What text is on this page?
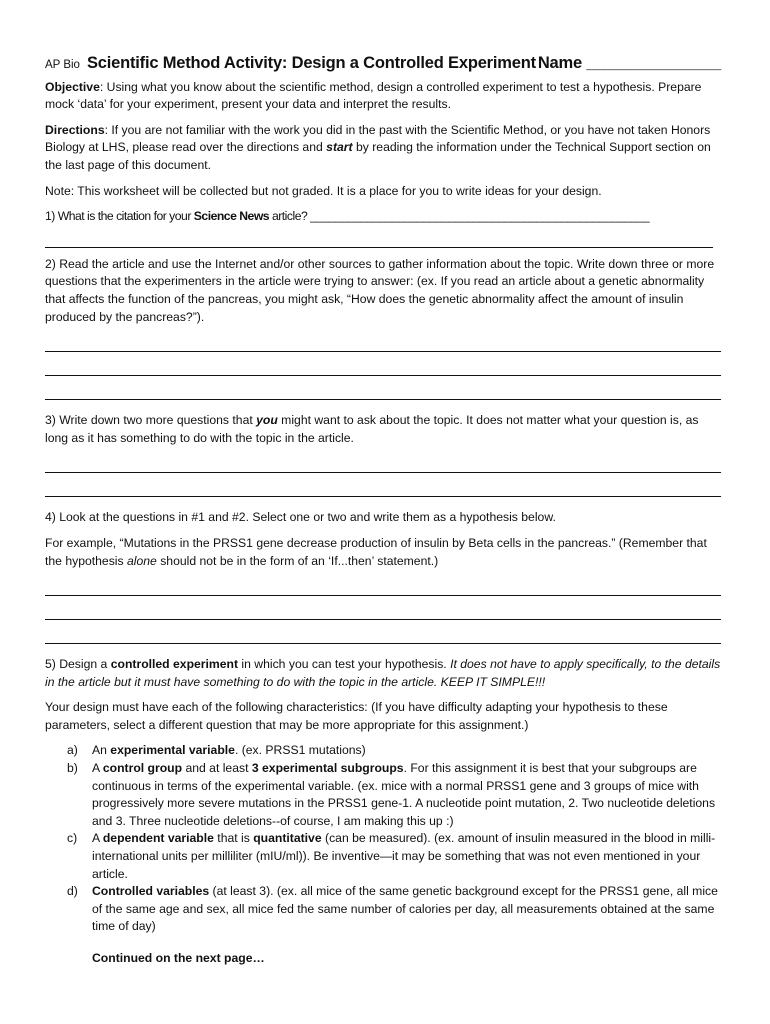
AP Bio Scientific Method Activity: Design a Controlled Experiment Name _______________

Objective: Using what you know about the scientific method, design a controlled experiment to test a hypothesis. Prepare mock ‘data’ for your experiment, present your data and interpret the results.

Directions: If you are not familiar with the work you did in the past with the Scientific Method, or you have not taken Honors Biology at LHS, please read over the directions and start by reading the information under the Technical Support section on the last page of this document.

Note: This worksheet will be collected but not graded. It is a place for you to write ideas for your design.

1) What is the citation for your Science News article? ______________________________________________________

2) Read the article and use the Internet and/or other sources to gather information about the topic. Write down three or more questions that the experimenters in the article were trying to answer: (ex. If you read an article about a genetic abnormality that affects the function of the pancreas, you might ask, “How does the genetic abnormality affect the amount of insulin produced by the pancreas?”).

3) Write down two more questions that you might want to ask about the topic. It does not matter what your question is, as long as it has something to do with the topic in the article.

4) Look at the questions in #1 and #2. Select one or two and write them as a hypothesis below.

For example, “Mutations in the PRSS1 gene decrease production of insulin by Beta cells in the pancreas.” (Remember that the hypothesis alone should not be in the form of an ‘If...then’ statement.)

5) Design a controlled experiment in which you can test your hypothesis. It does not have to apply specifically, to the details in the article but it must have something to do with the topic in the article. KEEP IT SIMPLE!!!

Your design must have each of the following characteristics: (If you have difficulty adapting your hypothesis to these parameters, select a different question that may be more appropriate for this assignment.)

a)	An experimental variable. (ex. PRSS1 mutations)
b)	A control group and at least 3 experimental subgroups. For this assignment it is best that your subgroups are continuous in terms of the experimental variable. (ex. mice with a normal PRSS1 gene and 3 groups of mice with progressively more severe mutations in the PRSS1 gene-1. A nucleotide point mutation, 2. Two nucleotide deletions and 3. Three nucleotide deletions--of course, I am making this up :)
c)	A dependent variable that is quantitative (can be measured). (ex. amount of insulin measured in the blood in milli-international units per milliliter (mIU/ml)). Be inventive—it may be something that was not even mentioned in your article.
d)	Controlled variables (at least 3). (ex. all mice of the same genetic background except for the PRSS1 gene, all mice of the same age and sex, all mice fed the same number of calories per day, all measurements obtained at the same time of day)

Continued on the next page…
